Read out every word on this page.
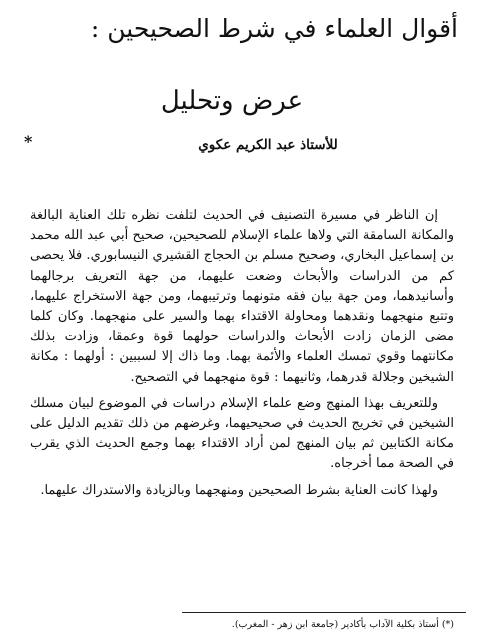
أقوال العلماء في شرط الصحيحين :
عرض وتحليل
للأستاذ عبد الكريم عكوي
*

إن الناظر في مسيرة التصنيف في الحديث لتلفت نظره تلك العناية البالغة والمكانة السامقة التي ولاها علماء الإسلام للصحيحين، صحيح أبي عبد الله محمد بن إسماعيل البخاري، وصحيح مسلم بن الحجاج القشيري النيسابوري. فلا يحصى كم من الدراسات والأبحاث وضعت عليهما، من جهة التعريف برجالهما وأسانيدهما، ومن جهة بيان فقه متونهما وترتيبهما، ومن جهة الاستخراج عليهما، وتتبع منهجهما ونقدهما ومحاولة الاقتداء بهما والسير على منهجهما. وكان كلما مضى الزمان زادت الأبحاث والدراسات حولهما قوة وعمقا، وزادت بذلك مكانتهما وقوي تمسك العلماء والأئمة بهما. وما ذاك إلا لسببين : أولهما : مكانة الشيخين وجلالة قدرهما، وثانيهما : قوة منهجهما في التصحيح.

وللتعريف بهذا المنهج وضع علماء الإسلام دراسات في الموضوع لبيان مسلك الشيخين في تخريج الحديث في صحيحيهما، وغرضهم من ذلك تقديم الدليل على مكانة الكتابين ثم بيان المنهج لمن أراد الاقتداء بهما وجمع الحديث الذي يقرب في الصحة مما أخرجاه.

ولهذا كانت العناية بشرط الصحيحين ومنهجهما وبالزيادة والاستدراك عليهما.

(*) أستاذ بكلية الآداب بأكادير (جامعة ابن زهر - المغرب).
